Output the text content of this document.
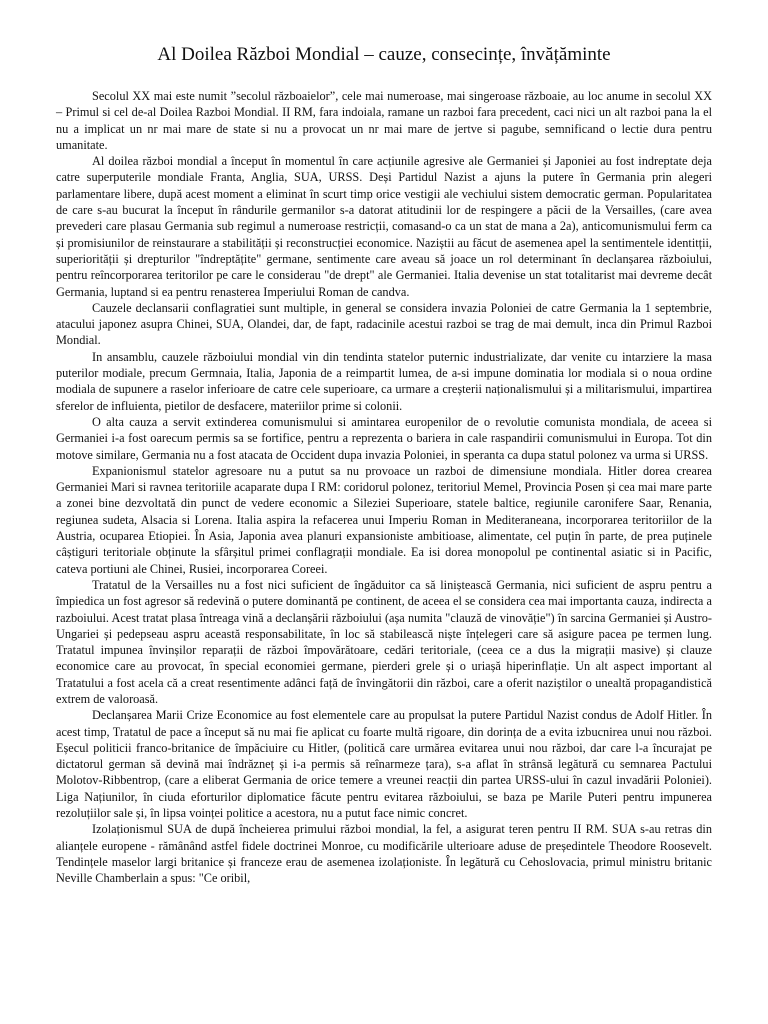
Al Doilea Război Mondial – cauze, consecințe, învățăminte

Secolul XX mai este numit ”secolul războaielor”, cele mai numeroase, mai singeroase războaie, au loc anume in secolul XX – Primul si cel de-al Doilea Razboi Mondial. II RM, fara indoiala, ramane un razboi fara precedent, caci nici un alt razboi pana la el nu a implicat un nr mai mare de state si nu a provocat un nr mai mare de jertve si pagube, semnificand o lectie dura pentru umanitate.

Al doilea război mondial a început în momentul în care acțiunile agresive ale Germaniei și Japoniei au fost indreptate deja catre superputerile mondiale Franta, Anglia, SUA, URSS. Deși Partidul Nazist a ajuns la putere în Germania prin alegeri parlamentare libere, după acest moment a eliminat în scurt timp orice vestigii ale vechiului sistem democratic german. Popularitatea de care s-au bucurat la început în rândurile germanilor s-a datorat atitudinii lor de respingere a păcii de la Versailles, (care avea prevederi care plasau Germania sub regimul a numeroase restricții, comasand-o ca un stat de mana a 2a), anticomunismului ferm ca și promisiunilor de reinstaurare a stabilității și reconstrucției economice. Naziștii au făcut de asemenea apel la sentimentele identitții, superiorității și drepturilor "îndreptățite" germane, sentimente care aveau să joace un rol determinant în declanșarea războiului, pentru reîncorporarea teritorilor pe care le considerau "de drept" ale Germaniei. Italia devenise un stat totalitarist mai devreme decât Germania, luptand si ea pentru renasterea Imperiului Roman de candva.

Cauzele declansarii conflagratiei sunt multiple, in general se considera invazia Poloniei de catre Germania la 1 septembrie, atacului japonez asupra Chinei, SUA, Olandei, dar, de fapt, radacinile acestui razboi se trag de mai demult, inca din Primul Razboi Mondial.

In ansamblu, cauzele războiului mondial vin din tendinta statelor puternic industrializate, dar venite cu intarziere la masa puterilor modiale, precum Germnaia, Italia, Japonia de a reimpartit lumea, de a-si impune dominatia lor modiala si o noua ordine modiala de supunere a raselor inferioare de catre cele superioare, ca urmare a creșterii naționalismului și a militarismului, impartirea sferelor de influienta, pietilor de desfacere, materiilor prime si colonii.

O alta cauza a servit extinderea comunismului si amintarea europenilor de o revolutie comunista mondiala, de aceea si Germaniei i-a fost oarecum permis sa se fortifice, pentru a reprezenta o bariera in cale raspandirii comunismului in Europa. Tot din motove similare, Germania nu a fost atacata de Occident dupa invazia Poloniei, in speranta ca dupa statul polonez va urma si URSS.

Expanionismul statelor agresoare nu a putut sa nu provoace un razboi de dimensiune mondiala. Hitler dorea crearea Germaniei Mari si ravnea teritoriile acaparate dupa I RM: coridorul polonez, teritoriul Memel, Provincia Posen și cea mai mare parte a zonei bine dezvoltată din punct de vedere economic a Sileziei Superioare, statele baltice, regiunile caronifere Saar, Renania, regiunea sudeta, Alsacia si Lorena. Italia aspira la refacerea unui Imperiu Roman in Mediteraneana, incorporarea teritoriilor de la Austria, ocuparea Etiopiei. În Asia, Japonia avea planuri expansioniste ambitioase, alimentate, cel puțin în parte, de prea puținele câștiguri teritoriale obținute la sfârșitul primei conflagrații mondiale. Ea isi dorea monopolul pe continental asiatic si in Pacific, cateva portiuni ale Chinei, Rusiei, incorporarea Coreei.

Tratatul de la Versailles nu a fost nici suficient de îngăduitor ca să liniștească Germania, nici suficient de aspru pentru a împiedica un fost agresor să redevină o putere dominantă pe continent, de aceea el se considera cea mai importanta cauza, indirecta a razboiului. Acest tratat plasa întreaga vină a declanșării războiului (așa numita "clauză de vinovăție") în sarcina Germaniei și Austro-Ungariei și pedepseau aspru această responsabilitate, în loc să stabilească niște înțelegeri care să asigure pacea pe termen lung. Tratatul impunea învinșilor reparații de război împovărătoare, cedări teritoriale, (ceea ce a dus la migrații masive) și clauze economice care au provocat, în special economiei germane, pierderi grele și o uriașă hiperinflație. Un alt aspect important al Tratatului a fost acela că a creat resentimente adânci față de învingătorii din război, care a oferit naziștilor o unealtă propagandistică extrem de valoroasă.

Declanșarea Marii Crize Economice au fost elementele care au propulsat la putere Partidul Nazist condus de Adolf Hitler. În acest timp, Tratatul de pace a început să nu mai fie aplicat cu foarte multă rigoare, din dorința de a evita izbucnirea unui nou război. Eșecul politicii franco-britanice de împăciuire cu Hitler, (politică care urmărea evitarea unui nou război, dar care l-a încurajat pe dictatorul german să devină mai îndrăzneț și i-a permis să reînarmeze țara), s-a aflat în strânsă legătură cu semnarea Pactului Molotov-Ribbentrop, (care a eliberat Germania de orice temere a vreunei reacții din partea URSS-ului în cazul invadării Poloniei). Liga Națiunilor, în ciuda eforturilor diplomatice făcute pentru evitarea războiului, se baza pe Marile Puteri pentru impunerea rezoluțiilor sale și, în lipsa voinței politice a acestora, nu a putut face nimic concret.

Izolaționismul SUA de după încheierea primului război mondial, la fel, a asigurat teren pentru II RM. SUA s-au retras din alianțele europene - rămânând astfel fidele doctrinei Monroe, cu modificările ulterioare aduse de președintele Theodore Roosevelt. Tendințele maselor largi britanice și franceze erau de asemenea izolaționiste. În legătură cu Cehoslovacia, primul ministru britanic Neville Chamberlain a spus: "Ce oribil,
